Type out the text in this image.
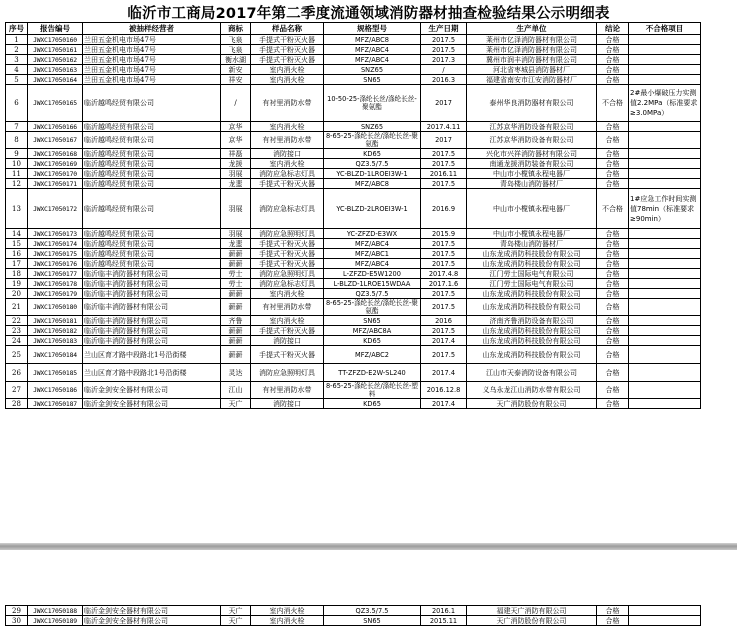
临沂市工商局2017年第二季度流通领域消防器材抽查检验结果公示明细表
序号	报告编号	被抽样经营者	商标	样品名称	规格型号	生产日期	生产单位	结论	不合格项目
1	JWXC17050160	兰田五金机电市场47号	飞泉	手提式干粉灭火器	MFZ/ABC8	2017.5	莱州市亿泽消防器材有限公司	合格	
2	JWXC17050161	兰田五金机电市场47号	飞泉	手提式干粉灭火器	MFZ/ABC4	2017.5	莱州市亿泽消防器材有限公司	合格	
3	JWXC17050162	兰田五金机电市场47号	衡水湖	手提式干粉灭火器	MFZ/ABC4	2017.3	冀州市润丰消防器材有限公司	合格	
4	JWXC17050163	兰田五金机电市场47号	新安	室内消火栓	SNZ65	/	河北省枣城县消防器材厂	合格	
5	JWXC17050164	兰田五金机电市场47号	祥安	室内消火栓	SN65	2016.3	福建省南安市江安消防器材厂	合格	
6	JWXC17050165	临沂越鸣经贸有限公司	/	有衬里消防水带	10-50-25-涤纶长丝/涤纶长丝-聚氨酯	2017	泰州华良消防器材有限公司	不合格	2#最小爆破压力实测值2.2MPa（标准要求≥3.0MPa）
7	JWXC17050166	临沂越鸣经贸有限公司	京华	室内消火栓	SNZ65	2017.4.11	江苏京华消防设备有限公司	合格	
8	JWXC17050167	临沂越鸣经贸有限公司	京华	有衬里消防水带	8-65-25-涤纶长丝/涤纶长丝-聚氨酯	2017	江苏京华消防设备有限公司	合格	
9	JWXC17050168	临沂越鸣经贸有限公司	祥磊	消防接口	KD65	2017.5	兴化市兴祥消防器材有限公司	合格	
10	JWXC17050169	临沂越鸣经贸有限公司	龙援	室内消火栓	QZ3.5/7.5	2017.5	南通龙援消防装备有限公司	合格	
11	JWXC17050170	临沂越鸣经贸有限公司	羽展	消防应急标志灯具	YC-BLZD-1LROEI3W-1	2016.11	中山市小榄镇永程电器厂	合格	
12	JWXC17050171	临沂越鸣经贸有限公司	龙蜚	手提式干粉灭火器	MFZ/ABC8	2017.5	青岛楼山消防器材厂	合格	
13	JWXC17050172	临沂越鸣经贸有限公司	羽展	消防应急标志灯具	YC-BLZD-2LROEI3W-1	2016.9	中山市小榄镇永程电器厂	不合格	1#应急工作时间实测值78min（标准要求≥90min）
14	JWXC17050173	临沂越鸣经贸有限公司	羽展	消防应急照明灯具	YC-ZFZD-E3WX	2015.9	中山市小榄镇永程电器厂	合格	
15	JWXC17050174	临沂越鸣经贸有限公司	龙蜚	手提式干粉灭火器	MFZ/ABC4	2017.5	青岛楼山消防器材厂	合格	
16	JWXC17050175	临沂越鸣经贸有限公司	薪薪	手提式干粉灭火器	MFZ/ABC1	2017.5	山东龙成消防科技股份有限公司	合格	
17	JWXC17050176	临沂越鸣经贸有限公司	薪薪	手提式干粉灭火器	MFZ/ABC4	2017.5	山东龙成消防科技股份有限公司	合格	
18	JWXC17050177	临沂临丰消防器材有限公司	劳士	消防应急照明灯具	L-ZFZD-E5W1200	2017.4.8	江门劳士国际电气有限公司	合格	
19	JWXC17050178	临沂临丰消防器材有限公司	劳士	消防应急标志灯具	L-BLZD-1LROE15WDAA	2017.1.6	江门劳士国际电气有限公司	合格	
20	JWXC17050179	临沂临丰消防器材有限公司	薪薪	室内消火栓	QZ3.5/7.5	2017.5	山东龙成消防科技股份有限公司	合格	
21	JWXC17050180	临沂临丰消防器材有限公司	薪薪	有衬里消防水带	8-65-25-涤纶长丝/涤纶长丝-聚氨酯	2017.5	山东龙成消防科技股份有限公司	合格	
22	JWXC17050181	临沂临丰消防器材有限公司	齐鲁	室内消火栓	SN65	2016	济南齐鲁消防设备有限公司	合格	
23	JWXC17050182	临沂临丰消防器材有限公司	薪薪	手提式干粉灭火器	MFZ/ABC8A	2017.5	山东龙成消防科技股份有限公司	合格	
24	JWXC17050183	临沂临丰消防器材有限公司	薪薪	消防接口	KD65	2017.4	山东龙成消防科技股份有限公司	合格	
25	JWXC17050184	兰山区育才路中段路北1号沿街楼	薪薪	手提式干粉灭火器	MFZ/ABC2	2017.5	山东龙成消防科技股份有限公司	合格	
26	JWXC17050185	兰山区育才路中段路北1号沿街楼	灵达	消防应急照明灯具	TT-ZFZD-E2W-SL240	2017.4	江山市天泰消防设备有限公司	合格	
27	JWXC17050186	临沂金剑安全器材有限公司	江山	有衬里消防水带	8-65-25-涤纶长丝/涤纶长丝-塑料	2016.12.8	义乌永龙江山消防水带有限公司	合格	
28	JWXC17050187	临沂金剑安全器材有限公司	天广	消防接口	KD65	2017.4	天广消防股份有限公司	合格	
29	JWXC17050188	临沂金剑安全器材有限公司	天广	室内消火栓	QZ3.5/7.5	2016.1	福建天广消防有限公司	合格	
30	JWXC17050189	临沂金剑安全器材有限公司	天广	室内消火栓	SN65	2015.11	天广消防股份有限公司	合格	
